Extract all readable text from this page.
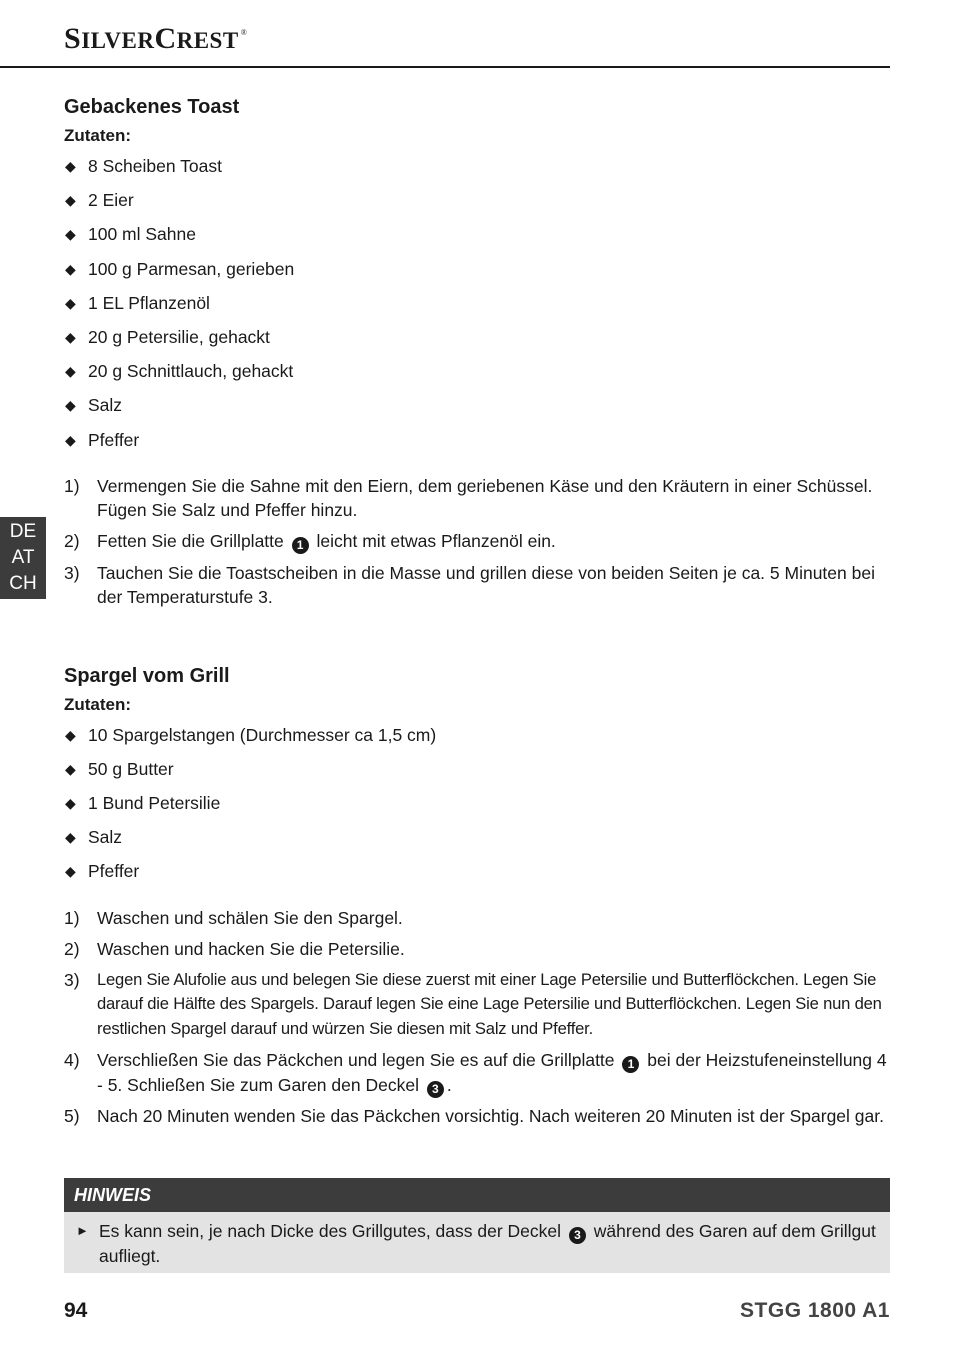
SILVERCREST ®
DE
AT
CH
Gebackenes Toast
Zutaten:
◆ 8 Scheiben Toast
◆ 2 Eier
◆ 100 ml Sahne
◆ 100 g Parmesan, gerieben
◆ 1 EL Pflanzenöl
◆ 20 g Petersilie, gehackt
◆ 20 g Schnittlauch, gehackt
◆ Salz
◆ Pfeffer
1) Vermengen Sie die Sahne mit den Eiern, dem geriebenen Käse und den Kräutern in einer Schüssel. Fügen Sie Salz und Pfeffer hinzu.
2) Fetten Sie die Grillplatte 1 leicht mit etwas Pflanzenöl ein.
3) Tauchen Sie die Toastscheiben in die Masse und grillen diese von beiden Seiten je ca. 5 Minuten bei der Temperaturstufe 3.
Spargel vom Grill
Zutaten:
◆ 10 Spargelstangen (Durchmesser ca 1,5 cm)
◆ 50 g Butter
◆ 1 Bund Petersilie
◆ Salz
◆ Pfeffer
1) Waschen und schälen Sie den Spargel.
2) Waschen und hacken Sie die Petersilie.
3)	Legen Sie Alufolie aus und belegen Sie diese zuerst mit einer Lage Petersilie und Butterflöckchen. Legen Sie darauf die Hälfte des Spargels. Darauf legen Sie eine Lage Petersilie und Butterflöckchen. Legen Sie nun den restlichen Spargel darauf und würzen Sie diesen mit Salz und Pfeffer.
4) Verschließen Sie das Päckchen und legen Sie es auf die Grillplatte 1 bei der Heizstufeneinstellung 4 - 5. Schließen Sie zum Garen den Deckel 3 .
5) Nach 20 Minuten wenden Sie das Päckchen vorsichtig. Nach weiteren 20 Minuten ist der Spargel gar.
HINWEIS
► Es kann sein, je nach Dicke des Grillgutes, dass der Deckel 3 während des Garen auf dem Grillgut aufliegt.
94	STGG 1800 A1
